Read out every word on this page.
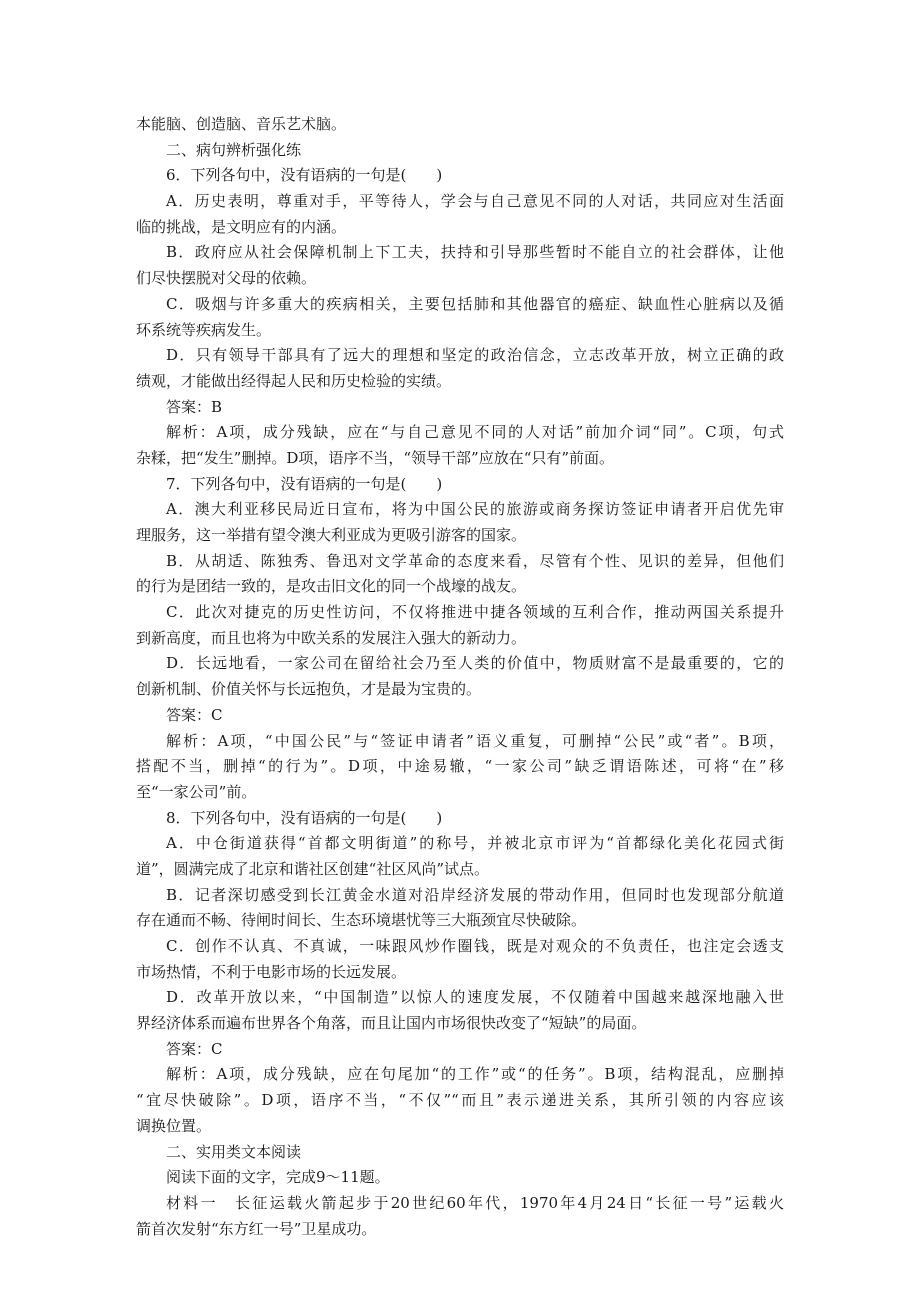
本能脑、创造脑、音乐艺术脑。
二、病句辨析强化练
6．下列各句中，没有语病的一句是(　　)
A．历史表明，尊重对手，平等待人，学会与自己意见不同的人对话，共同应对生活面
临的挑战，是文明应有的内涵。
B．政府应从社会保障机制上下工夫，扶持和引导那些暂时不能自立的社会群体，让他
们尽快摆脱对父母的依赖。
C．吸烟与许多重大的疾病相关，主要包括肺和其他器官的癌症、缺血性心脏病以及循
环系统等疾病发生。
D．只有领导干部具有了远大的理想和坚定的政治信念，立志改革开放，树立正确的政
绩观，才能做出经得起人民和历史检验的实绩。
答案：B
解析：A项，成分残缺，应在“与自己意见不同的人对话”前加介词“同”。C项，句式
杂糅，把“发生”删掉。D项，语序不当，“领导干部”应放在“只有”前面。
7．下列各句中，没有语病的一句是(　　)
A．澳大利亚移民局近日宣布，将为中国公民的旅游或商务探访签证申请者开启优先审
理服务，这一举措有望令澳大利亚成为更吸引游客的国家。
B．从胡适、陈独秀、鲁迅对文学革命的态度来看，尽管有个性、见识的差异，但他们
的行为是团结一致的，是攻击旧文化的同一个战壕的战友。
C．此次对捷克的历史性访问，不仅将推进中捷各领域的互利合作，推动两国关系提升
到新高度，而且也将为中欧关系的发展注入强大的新动力。
D．长远地看，一家公司在留给社会乃至人类的价值中，物质财富不是最重要的，它的
创新机制、价值关怀与长远抱负，才是最为宝贵的。
答案：C
解析：A项，“中国公民”与“签证申请者”语义重复，可删掉“公民”或“者”。B项，
搭配不当，删掉“的行为”。D项，中途易辙，“一家公司”缺乏谓语陈述，可将“在”移
至“一家公司”前。
8．下列各句中，没有语病的一句是(　　)
A．中仓街道获得“首都文明街道”的称号，并被北京市评为“首都绿化美化花园式街
道”，圆满完成了北京和谐社区创建“社区风尚”试点。
B．记者深切感受到长江黄金水道对沿岸经济发展的带动作用，但同时也发现部分航道
存在通而不畅、待闸时间长、生态环境堪忧等三大瓶颈宜尽快破除。
C．创作不认真、不真诚，一味跟风炒作圈钱，既是对观众的不负责任，也注定会透支
市场热情，不利于电影市场的长远发展。
D．改革开放以来，“中国制造”以惊人的速度发展，不仅随着中国越来越深地融入世
界经济体系而遍布世界各个角落，而且让国内市场很快改变了“短缺”的局面。
答案：C
解析：A项，成分残缺，应在句尾加“的工作”或“的任务”。B项，结构混乱，应删掉
“宜尽快破除”。D项，语序不当，“不仅”“而且”表示递进关系，其所引领的内容应该
调换位置。
二、实用类文本阅读
阅读下面的文字，完成9～11题。
材料一　长征运载火箭起步于20世纪60年代，1970年4月24日“长征一号”运载火
箭首次发射“东方红一号”卫星成功。
